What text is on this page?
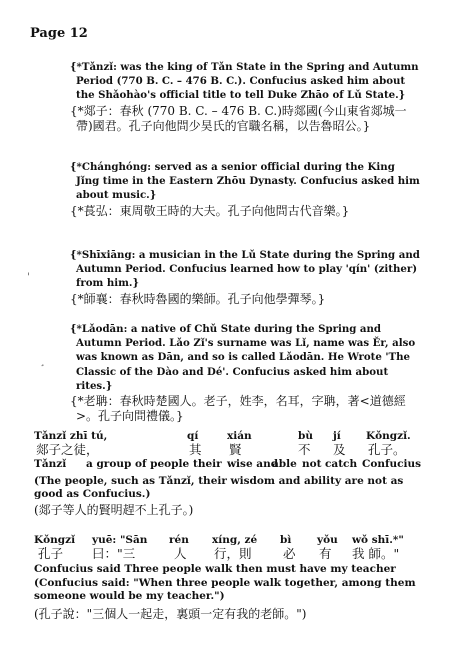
Page 12
{*Tǎnzǐ: was the king of Tǎn State in the Spring and Autumn Period (770 B. C. – 476 B. C.). Confucius asked him about the Shǎohào's official title to tell Duke Zhāo of Lǔ State.}
{*郯子：春秋 (770 B. C. – 476 B. C.)時郯國(今山東省郯城一帶)國君。孔子向他問少昊氏的官職名稱，以告魯昭公。}
{*Chánghóng: served as a senior official during the King Jǐng time in the Eastern Zhōu Dynasty. Confucius asked him about music.}
{*萇弘：東周敬王時的大夫。孔子向他問古代音樂。}
{*Shīxiāng: a musician in the Lǔ State during the Spring and Autumn Period. Confucius learned how to play 'qín' (zither) from him.}
{*師襄：春秋時魯國的樂師。孔子向他學彈琴。}
{*Lǎodān: a native of Chǔ State during the Spring and Autumn Period. Lǎo Zǐ's surname was Lǐ, name was Ěr, also was known as Dān, and so is called Lǎodān. He Wrote 'The Classic of the Dào and Dé'. Confucius asked him about rites.}
{*老聃：春秋時楚國人。老子，姓李，名耳，字聃，著<道德經>。孔子向問禮儀。}
'
¸
Tǎnzǐ zhī tú,	qí	xián	bù jí Kǒngzǐ.
郯子之徒，	其 賢	不 及 孔子。
Tǎnzǐ a group of people their wise and
able not catch Confucius
(The people, such as Tǎnzǐ, their wisdom and ability are not as good as Confucius.)
(郯子等人的賢明趕不上孔子。)
Kǒngzǐ yuē: "Sān rén xíng, zé bì yǒu wǒ shī.*"
孔子 曰："三	人 行，則	必 有 我 師。"
Confucius said Three people walk then must have my teacher
(Confucius said: "When three people walk together, among them someone would be my teacher.")
(孔子說："三個人一起走，裏頭一定有我的老師。")
